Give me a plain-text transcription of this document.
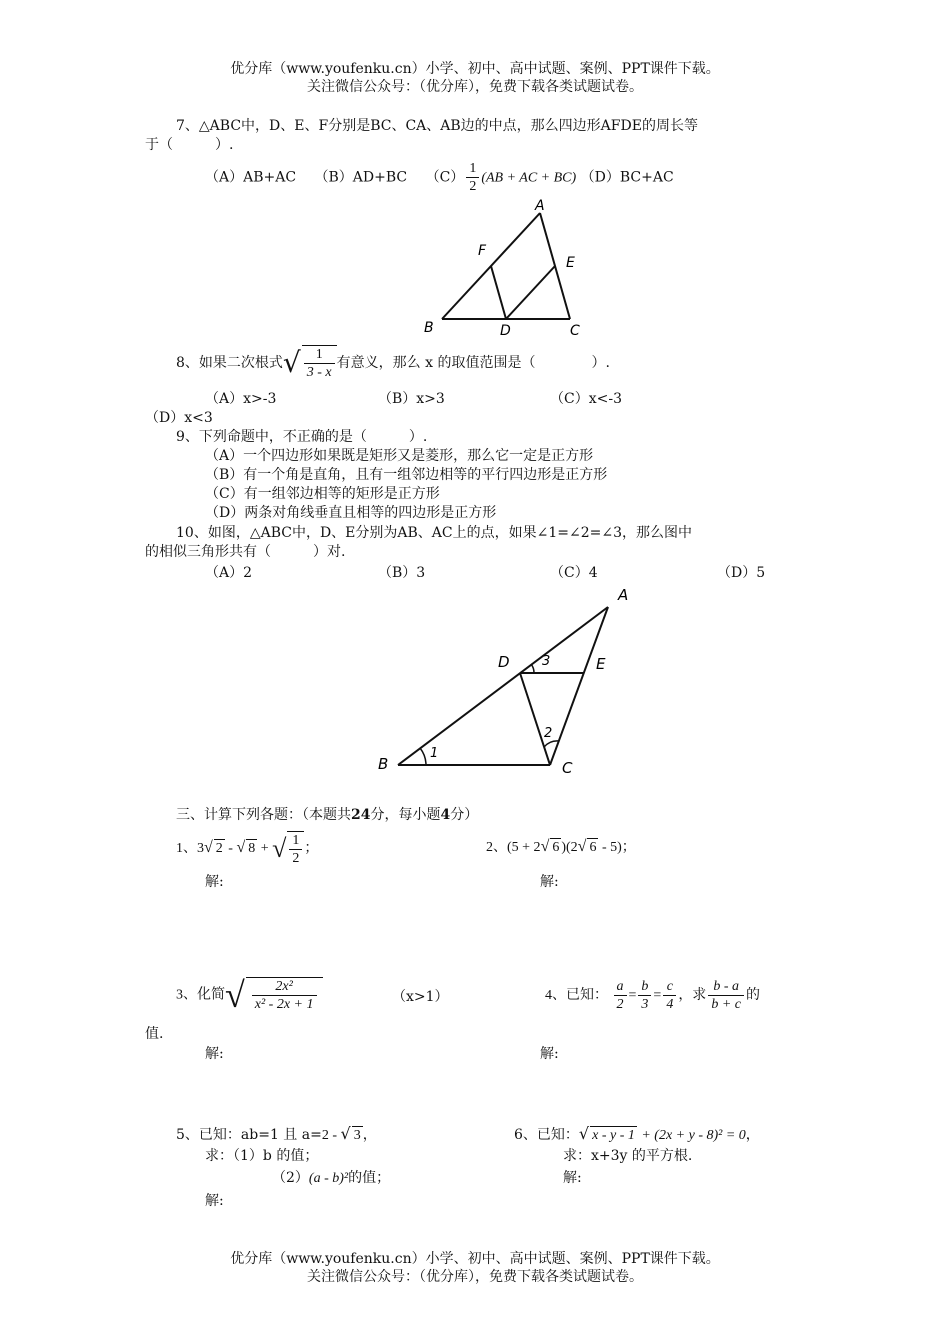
优分库（www.youfenku.cn）小学、初中、高中试题、案例、PPT课件下载。
关注微信公众号：（优分库），免费下载各类试题试卷。
7、△ABC中，D、E、F分别是BC、CA、AB边的中点，那么四边形AFDE的周长等
于（　　　）.
（A）AB+AC　 （B）AD+BC　 $(C) \frac{1}{2} (AB$ + AC + BC) （D）BC+AC
A
F
E
B	D	C
8、如果二次根式√ $\frac{1}{3 - x}$ 有意义，那么 x 的取值范围是（　　　　）.
（A）x>-3	（B）x>3	（C）x<-3
（D）x<3
9、下列命题中，不正确的是（　　　）.
（A）一个四边形如果既是矩形又是菱形，那么它一定是正方形
（B）有一个角是直角，且有一组邻边相等的平行四边形是正方形
（C）有一组邻边相等的矩形是正方形
（D）两条对角线垂直且相等的四边形是正方形
10、如图，△ABC中，D、E分别为AB、AC上的点，如果∠1=∠2=∠3，那么图中
的相似三角形共有（　　　）对.
（A）2	（B）3	（C）4	（D）5
A
D 3	E
2
1
B	C
三、计算下列各题：（本题共24分，每小题4分）
1、3√ 2 - √ 8 + √ $\frac{1}{2}$ ；	2、(5 + 2√ 6 )(2√ 6 - 5)；
解:	解:
3、化简√ $\frac{\text{2x²}}{\text{x² - 2x + 1}}$	（x>1）
值.
4、已知： $\frac{a}{2} = \frac{b}{3} = \frac{c}{4}$ ，求 $\frac{b - a}{b + c}$ 的
解:	解:
5、已知：ab=1 且 a=2 - √ 3 ，
求：（1）b 的值；
（2）(a - b)²的值；
6、已知：√ x - y - 1 + (2x + y - 8)² = 0，
求：x+3y 的平方根.
解:
解:
优分库（www.youfenku.cn）小学、初中、高中试题、案例、PPT课件下载。
关注微信公众号：（优分库），免费下载各类试题试卷。
